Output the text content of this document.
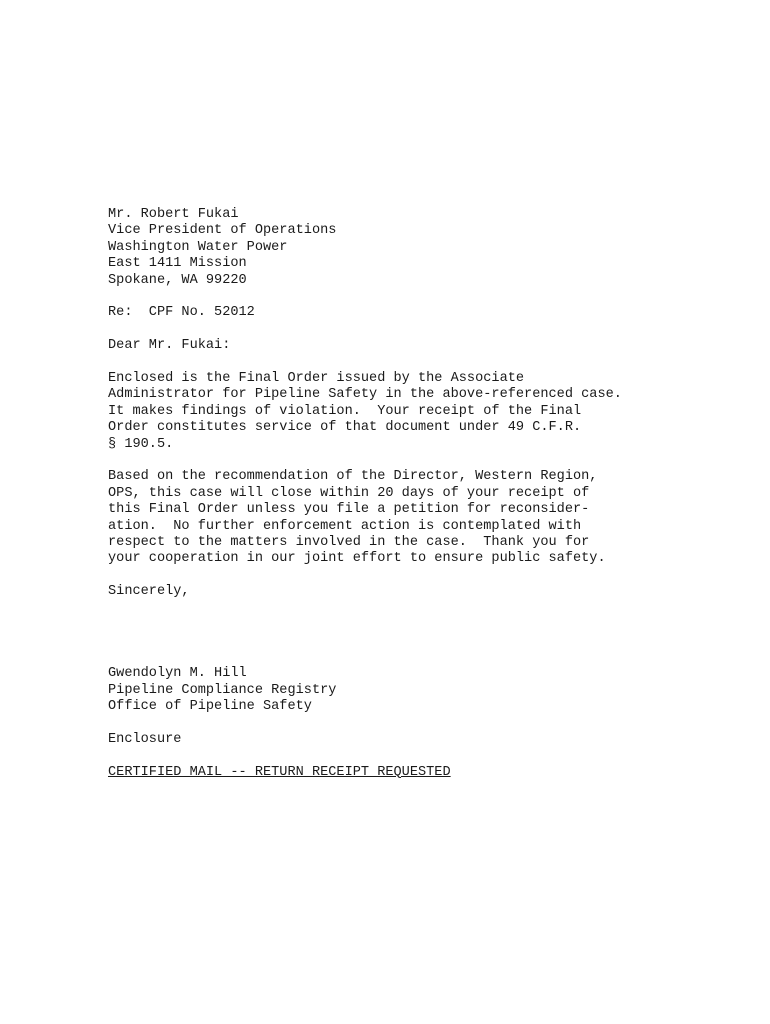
Mr. Robert Fukai
Vice President of Operations
Washington Water Power
East 1411 Mission
Spokane, WA 99220
Re:  CPF No. 52012
Dear Mr. Fukai:
Enclosed is the Final Order issued by the Associate
Administrator for Pipeline Safety in the above-referenced case.
It makes findings of violation.  Your receipt of the Final
Order constitutes service of that document under 49 C.F.R.
§ 190.5.
Based on the recommendation of the Director, Western Region,
OPS, this case will close within 20 days of your receipt of
this Final Order unless you file a petition for reconsider-
ation.  No further enforcement action is contemplated with
respect to the matters involved in the case.  Thank you for
your cooperation in our joint effort to ensure public safety.
Sincerely,
Gwendolyn M. Hill
Pipeline Compliance Registry
Office of Pipeline Safety
Enclosure
CERTIFIED MAIL -- RETURN RECEIPT REQUESTED
